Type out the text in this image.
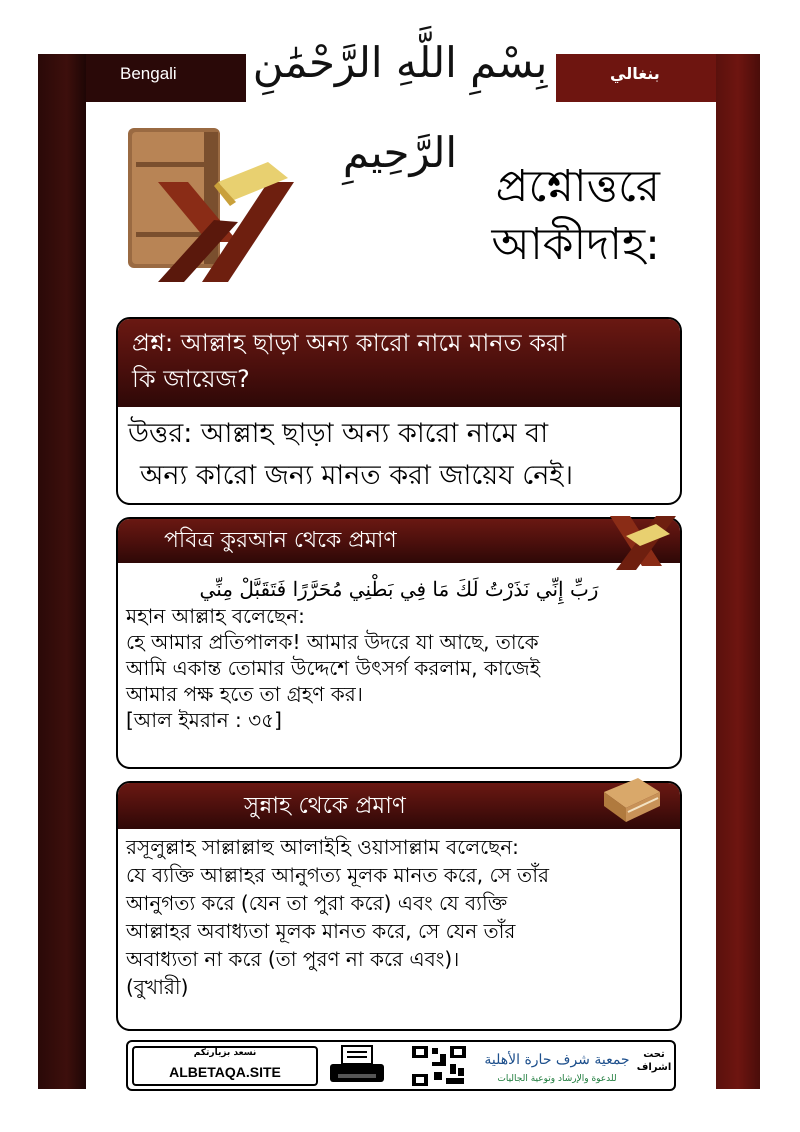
Bengali	بنغالي
بِسْمِ اللَّهِ الرَّحْمَٰنِ الرَّحِيمِ
প্রশ্নোত্তরে
আকীদাহ:
প্রশ্ন: আল্লাহ ছাড়া অন্য কারো নামে মানত করা
কি জায়েজ?
উত্তর: আল্লাহ ছাড়া অন্য কারো নামে বা
অন্য কারো জন্য মানত করা জায়েয নেই।
পবিত্র কুরআন থেকে প্রমাণ
رَبِّ إِنِّي نَذَرْتُ لَكَ مَا فِي بَطْنِي مُحَرَّرًا فَتَقَبَّلْ مِنِّي
মহান আল্লাহ বলেছেন:
হে আমার প্রতিপালক! আমার উদরে যা আছে, তাকে
আমি একান্ত তোমার উদ্দেশে উৎসর্গ করলাম, কাজেই
আমার পক্ষ হতে তা গ্রহণ কর।
[আল ইমরান : ৩৫]
সুন্নাহ থেকে প্রমাণ
রসূলুল্লাহ সাল্লাল্লাহু আলাইহি ওয়াসাল্লাম বলেছেন:
যে ব্যক্তি আল্লাহর আনুগত্য মূলক মানত করে, সে তাঁর
আনুগত্য করে (যেন তা পুরা করে) এবং যে ব্যক্তি
আল্লাহর অবাধ্যতা মূলক মানত করে, সে যেন তাঁর
অবাধ্যতা না করে (তা পুরণ না করে এবং)।
(বুখারী)
نسعد بزيارتكم
ALBETAQA.SITE
جمعية شرف حارة الأهلية
للدعوة والإرشاد وتوعية الجاليات
تحت
اشراف
